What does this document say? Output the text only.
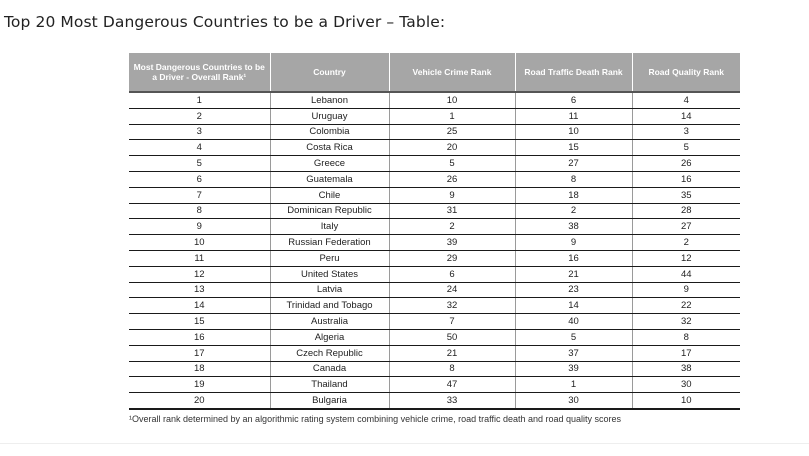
Top 20 Most Dangerous Countries to be a Driver – Table:
Most Dangerous Countries to be a Driver - Overall Rank¹	Country	Vehicle Crime Rank	Road Traffic Death Rank	Road Quality Rank
1	Lebanon	10	6	4
2	Uruguay	1	11	14
3	Colombia	25	10	3
4	Costa Rica	20	15	5
5	Greece	5	27	26
6	Guatemala	26	8	16
7	Chile	9	18	35
8	Dominican Republic	31	2	28
9	Italy	2	38	27
10	Russian Federation	39	9	2
11	Peru	29	16	12
12	United States	6	21	44
13	Latvia	24	23	9
14	Trinidad and Tobago	32	14	22
15	Australia	7	40	32
16	Algeria	50	5	8
17	Czech Republic	21	37	17
18	Canada	8	39	38
19	Thailand	47	1	30
20	Bulgaria	33	30	10
¹Overall rank determined by an algorithmic rating system combining vehicle crime, road traffic death and road quality scores
